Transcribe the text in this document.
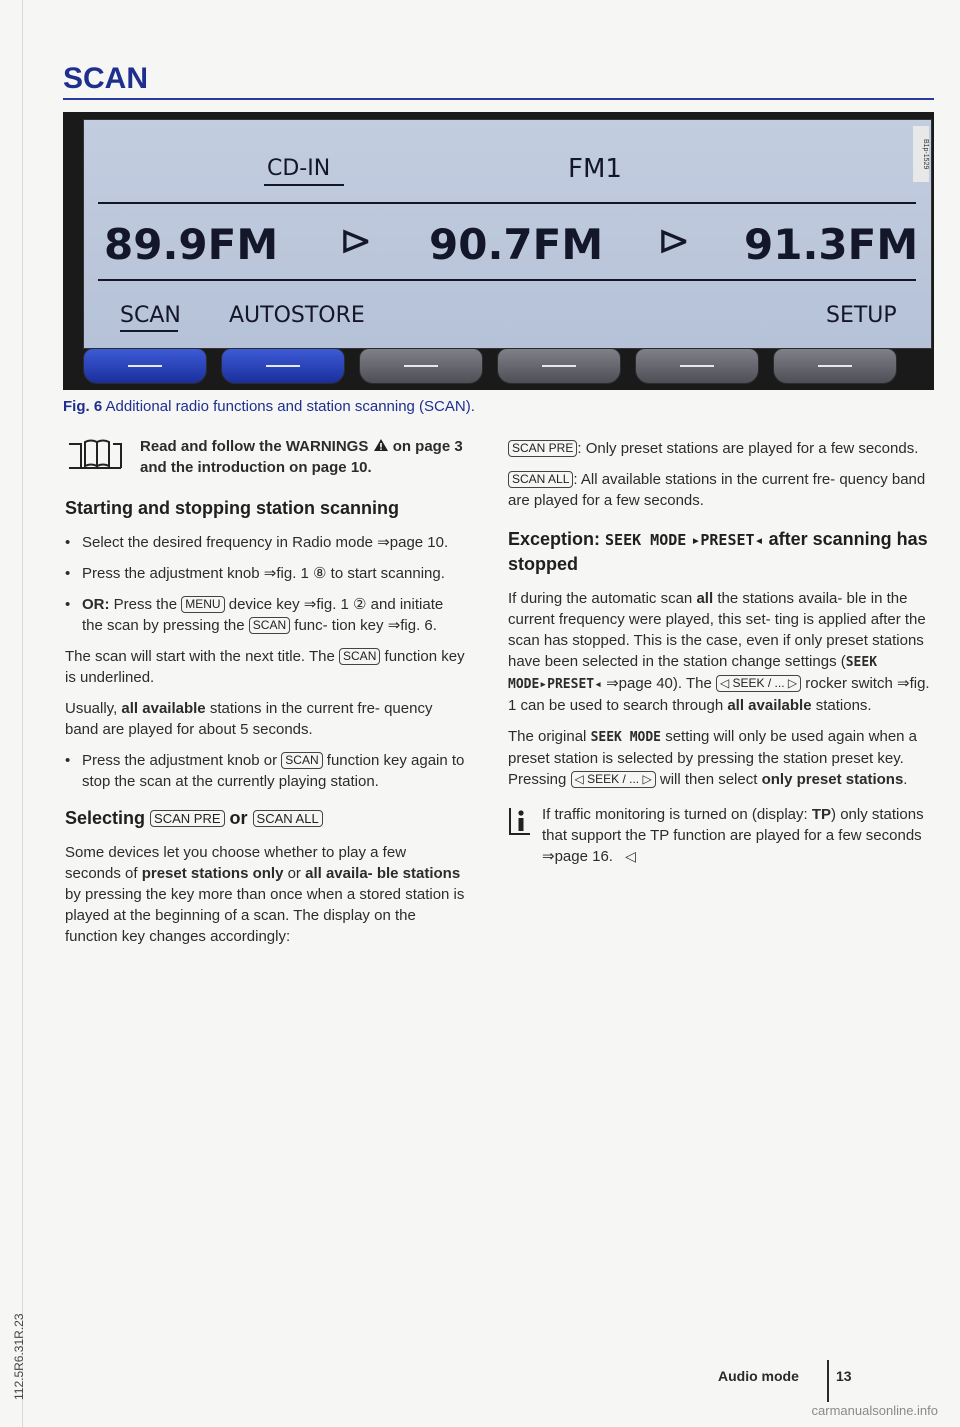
112.5R6.31R.23
SCAN
CD-IN	FM1
89.9FM ⊳ 90.7FM ⊳ 91.3FM
SCAN AUTOSTORE	SETUP
B1p-1529
Fig. 6 Additional radio functions and station scanning (SCAN).
Read and follow the WARNINGS on page 3 and the introduction on page 10.
Starting and stopping station scanning
• Select the desired frequency in Radio mode ⇒page 10.
• Press the adjustment knob ⇒fig. 1 ⑧ to start scanning.
• OR: Press the MENU device key ⇒fig. 1 ② and initiate the scan by pressing the SCAN func- tion key ⇒fig. 6.

The scan will start with the next title. The SCAN function key is underlined.

Usually, all available stations in the current fre- quency band are played for about 5 seconds.

• Press the adjustment knob or SCAN function key again to stop the scan at the currently playing station.
Selecting SCAN PRE or SCAN ALL

Some devices let you choose whether to play a few seconds of preset stations only or all availa- ble stations by pressing the key more than once when a stored station is played at the beginning of a scan. The display on the function key changes accordingly:

SCAN PRE : Only preset stations are played for a few seconds.

SCAN ALL : All available stations in the current fre- quency band are played for a few seconds.

Exception: SEEK MODE ▸PRESET◂ after scanning has stopped

If during the automatic scan all the stations availa- ble in the current frequency were played, this set- ting is applied after the scan has stopped. This is the case, even if only preset stations have been selected in the station change settings (SEEK MODE▸PRESET◂ ⇒page 40). The ◁ SEEK / ... ▷ rocker switch ⇒fig. 1 can be used to search through all available stations.

The original SEEK MODE setting will only be used again when a preset station is selected by pressing the station preset key. Pressing ◁ SEEK / ... ▷ will then select only preset stations.

If traffic monitoring is turned on (display: TP) only stations that support the TP function are played for a few seconds ⇒page 16. ◁
Audio mode	13
carmanualsonline.info
